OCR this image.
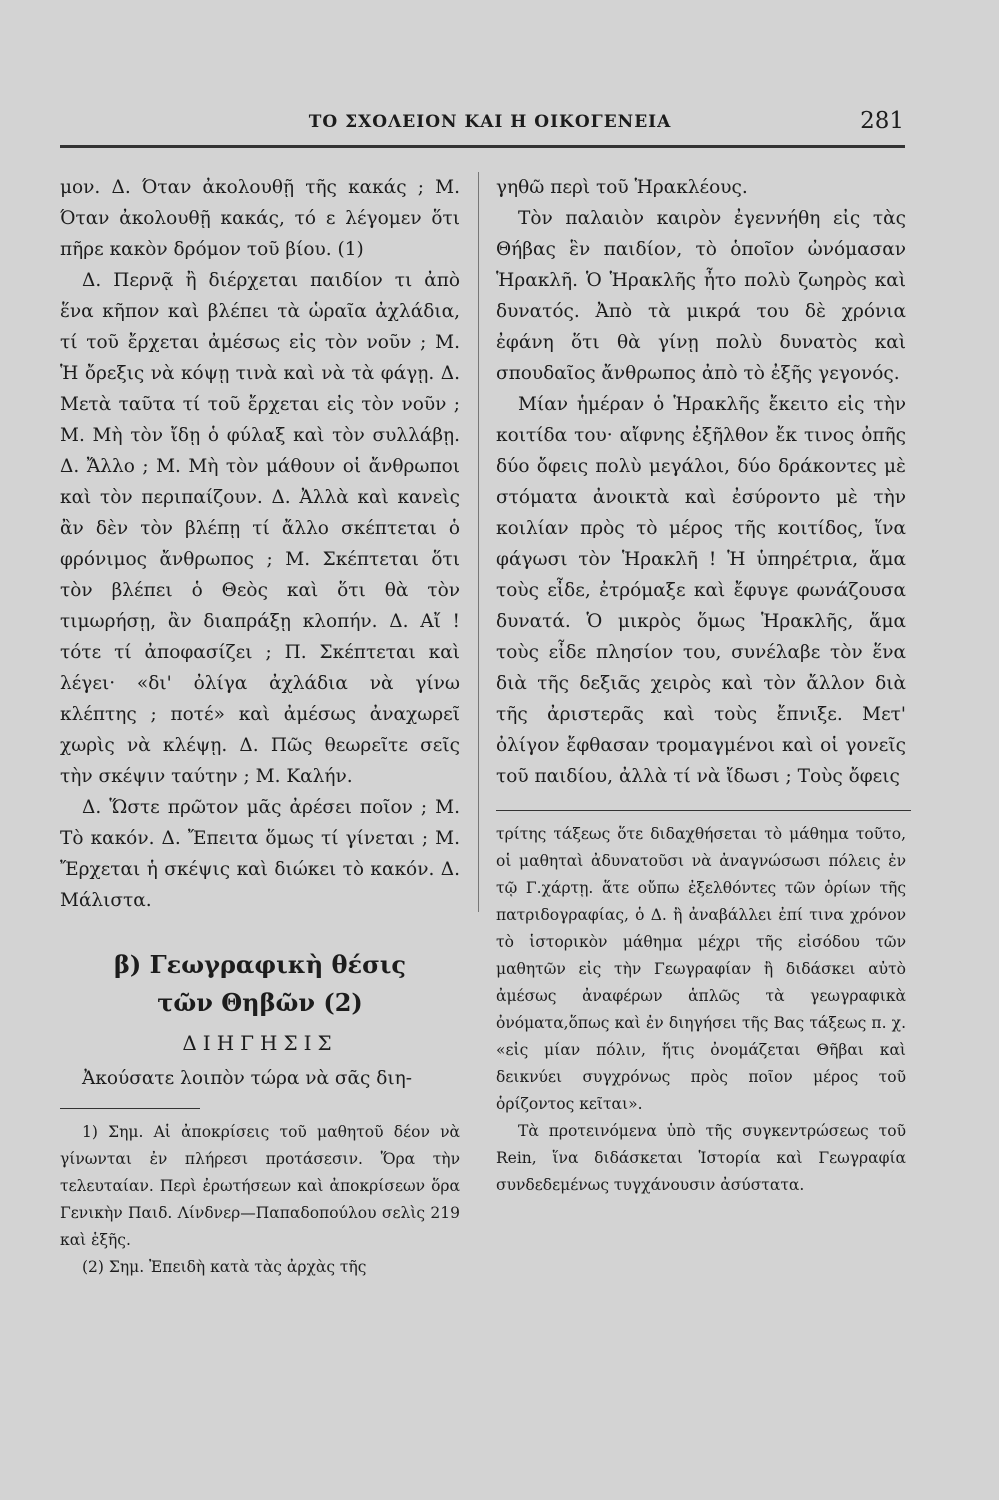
ΤΟ ΣΧΟΛΕΙΟΝ ΚΑΙ Η ΟΙΚΟΓΕΝΕΙΑ	281

μον. Δ. Όταν ἀκολουθῇ τῆς κακάς ; Μ. Όταν ἀκολουθῇ κακάς, τό ε λέγομεν ὅτι πῆρε κακὸν δρόμον τοῦ βίου. (1)

Δ. Περνᾷ ἢ διέρχεται παιδίον τι ἀπὸ ἕνα κῆπον καὶ βλέπει τὰ ὡραῖα ἀχλάδια, τί τοῦ ἔρχεται ἀμέσως εἰς τὸν νοῦν ; Μ. Ἡ ὄρεξις νὰ κόψῃ τινὰ καὶ νὰ τὰ φάγῃ. Δ. Μετὰ ταῦτα τί τοῦ ἔρχεται εἰς τὸν νοῦν ; Μ. Μὴ τὸν ἴδῃ ὁ φύλαξ καὶ τὸν συλλάβῃ. Δ. Ἄλλο ; Μ. Μὴ τὸν μάθουν οἱ ἄνθρωποι καὶ τὸν περιπαίζουν. Δ. Ἀλλὰ καὶ κανεὶς ἂν δὲν τὸν βλέπῃ τί ἄλλο σκέπτεται ὁ φρόνιμος ἄνθρωπος ; Μ. Σκέπτεται ὅτι τὸν βλέπει ὁ Θεὸς καὶ ὅτι θὰ τὸν τιμωρήσῃ, ἂν διαπράξῃ κλοπήν. Δ. Αἴ ! τότε τί ἀποφασίζει ; Π. Σκέπτεται καὶ λέγει· «δι' ὀλίγα ἀχλάδια νὰ γίνω κλέπτης ; ποτέ» καὶ ἀμέσως ἀναχωρεῖ χωρὶς νὰ κλέψῃ. Δ. Πῶς θεωρεῖτε σεῖς τὴν σκέψιν ταύτην ; Μ. Καλήν.

Δ. Ὥστε πρῶτον μᾶς ἀρέσει ποῖον ; Μ. Τὸ κακόν. Δ. Ἔπειτα ὅμως τί γίνεται ; Μ. Ἔρχεται ἡ σκέψις καὶ διώκει τὸ κακόν. Δ. Μάλιστα.

β) Γεωγραφικὴ θέσις
τῶν Θηβῶν (2)
ΔΙΗΓΗΣΙΣ

Ἀκούσατε λοιπὸν τώρα νὰ σᾶς διη-

1) Σημ. Αἱ ἀποκρίσεις τοῦ μαθητοῦ δέον νὰ γίνωνται ἐν πλήρεσι προτάσεσιν. Ὅρα τὴν τελευταίαν. Περὶ ἐρωτήσεων καὶ ἀποκρίσεων ὅρα Γενικὴν Παιδ. Λίνδνερ—Παπαδοπούλου σελὶς 219 καὶ ἑξῆς.

(2) Σημ. Ἐπειδὴ κατὰ τὰς ἀρχὰς τῆς

γηθῶ περὶ τοῦ Ἡρακλέους.

Τὸν παλαιὸν καιρὸν ἐγεννήθη εἰς τὰς Θήβας ἓν παιδίον, τὸ ὁποῖον ὠνόμασαν Ἡρακλῆ. Ὁ Ἡρακλῆς ἦτο πολὺ ζωηρὸς καὶ δυνατός. Ἀπὸ τὰ μικρά του δὲ χρόνια ἐφάνη ὅτι θὰ γίνῃ πολὺ δυνατὸς καὶ σπουδαῖος ἄνθρωπος ἀπὸ τὸ ἐξῆς γεγονός.

Μίαν ἡμέραν ὁ Ἡρακλῆς ἔκειτο εἰς τὴν κοιτίδα του· αἴφνης ἐξῆλθον ἔκ τινος ὀπῆς δύο ὄφεις πολὺ μεγάλοι, δύο δράκοντες μὲ στόματα ἀνοικτὰ καὶ ἐσύροντο μὲ τὴν κοιλίαν πρὸς τὸ μέρος τῆς κοιτίδος, ἵνα φάγωσι τὸν Ἡρακλῆ ! Ἡ ὑπηρέτρια, ἅμα τοὺς εἶδε, ἐτρόμαξε καὶ ἔφυγε φωνάζουσα δυνατά. Ὁ μικρὸς ὅμως Ἡρακλῆς, ἅμα τοὺς εἶδε πλησίον του, συνέλαβε τὸν ἕνα διὰ τῆς δεξιᾶς χειρὸς καὶ τὸν ἄλλον διὰ τῆς ἀριστερᾶς καὶ τοὺς ἔπνιξε. Μετ' ὀλίγον ἔφθασαν τρομαγμένοι καὶ οἱ γονεῖς τοῦ παιδίου, ἀλλὰ τί νὰ ἴδωσι ; Τοὺς ὄφεις

τρίτης τάξεως ὅτε διδαχθήσεται τὸ μάθημα τοῦτο, οἱ μαθηταὶ ἀδυνατοῦσι νὰ ἀναγνώσωσι πόλεις ἐν τῷ Γ.χάρτῃ. ἅτε οὔπω ἐξελθόντες τῶν ὁρίων τῆς πατριδογραφίας, ὁ Δ. ἢ ἀναβάλλει ἐπί τινα χρόνον τὸ ἱστορικὸν μάθημα μέχρι τῆς εἰσόδου τῶν μαθητῶν εἰς τὴν Γεωγραφίαν ἢ διδάσκει αὐτὸ ἀμέσως ἀναφέρων ἁπλῶς τὰ γεωγραφικὰ ὀνόματα,ὅπως καὶ ἐν διηγήσει τῆς Βας τάξεως π. χ. «εἰς μίαν πόλιν, ἥτις ὀνομάζεται Θῆβαι καὶ δεικνύει συγχρόνως πρὸς ποῖον μέρος τοῦ ὁρίζοντος κεῖται».

Τὰ προτεινόμενα ὑπὸ τῆς συγκεντρώσεως τοῦ Rein, ἵνα διδάσκεται Ἱστορία καὶ Γεωγραφία συνδεδεμένως τυγχάνουσιν ἀσύστατα.
